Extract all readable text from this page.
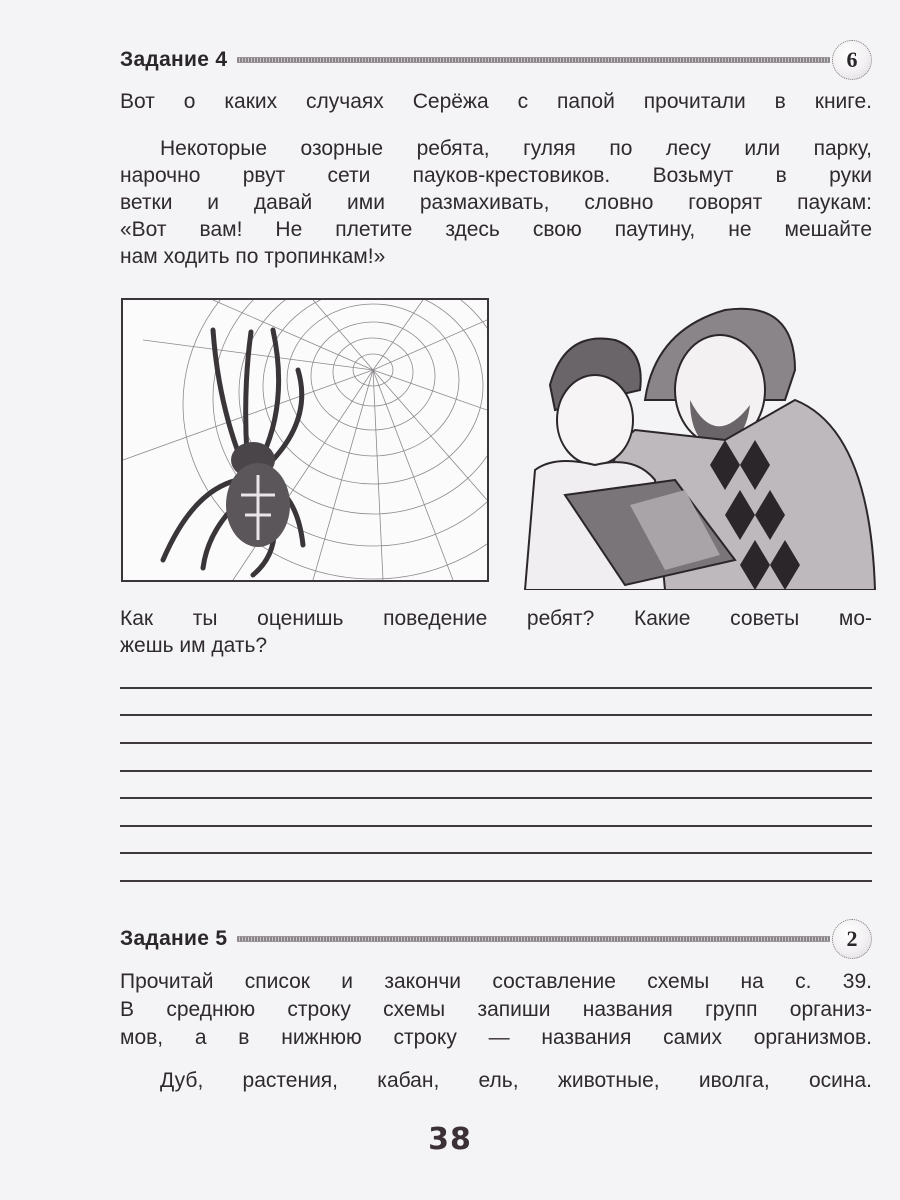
Задание 4	6
Вот о каких случаях Серёжа с папой прочитали в книге.
Некоторые озорные ребята, гуляя по лесу или парку,
нарочно рвут сети пауков-крестовиков. Возьмут в руки
ветки и давай ими размахивать, словно говорят паукам:
«Вот вам! Не плетите здесь свою паутину, не мешайте
нам ходить по тропинкам!»
Как ты оценишь поведение ребят? Какие советы мо-
жешь им дать?
Задание 5	2
Прочитай список и закончи составление схемы на с. 39.
В среднюю строку схемы запиши названия групп организ-
мов, а в нижнюю строку — названия самих организмов.
Дуб, растения, кабан, ель, животные, иволга, осина.
38
